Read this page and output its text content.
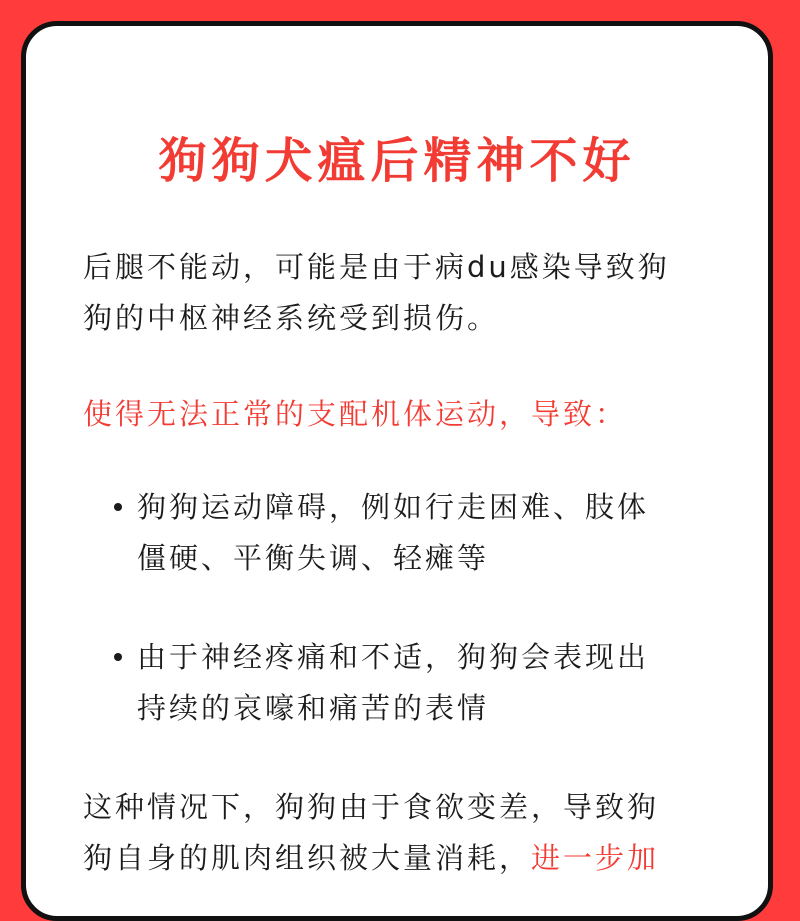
狗狗犬瘟后精神不好

后腿不能动，可能是由于病du感染导致狗

狗的中枢神经系统受到损伤。

使得无法正常的支配机体运动，导致：

狗狗运动障碍，例如行走困难、肢体

僵硬、平衡失调、轻瘫等

由于神经疼痛和不适，狗狗会表现出

持续的哀嚎和痛苦的表情

这种情况下，狗狗由于食欲变差，导致狗

狗自身的肌肉组织被大量消耗，进一步加
